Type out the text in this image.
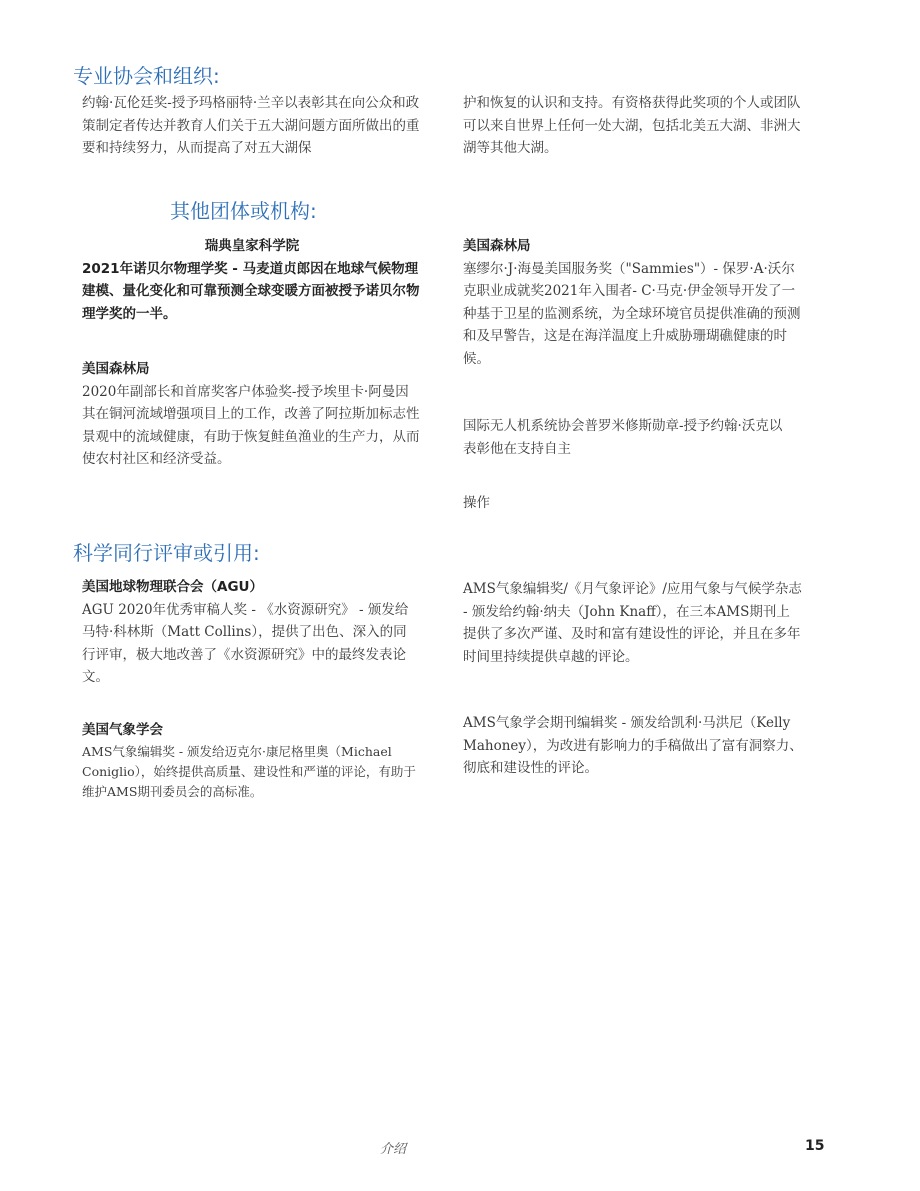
专业协会和组织:

约翰·瓦伦廷奖-授予玛格丽特·兰辛以表彰其在向公众和政策制定者传达并教育人们关于五大湖问题方面所做出的重要和持续努力，从而提高了对五大湖保

护和恢复的认识和支持。有资格获得此奖项的个人或团队可以来自世界上任何一处大湖，包括北美五大湖、非洲大湖等其他大湖。

其他团体或机构:
瑞典皇家科学院
2021年诺贝尔物理学奖 - 马麦道贞郎因在地球气候物理建模、量化变化和可靠预测全球变暖方面被授予诺贝尔物理学奖的一半。
美国森林局

2020年副部长和首席奖客户体验奖-授予埃里卡·阿曼因其在铜河流域增强项目上的工作，改善了阿拉斯加标志性景观中的流域健康，有助于恢复鲑鱼渔业的生产力，从而使农村社区和经济受益。

美国森林局

塞缪尔·J·海曼美国服务奖（"Sammies"）- 保罗·A·沃尔克职业成就奖2021年入围者- C·马克·伊金领导开发了一种基于卫星的监测系统，为全球环境官员提供准确的预测和及早警告，这是在海洋温度上升威胁珊瑚礁健康的时候。

国际无人机系统协会普罗米修斯勋章-授予约翰·沃克以表彰他在支持自主

操作

科学同行评审或引用:
美国地球物理联合会（AGU）

AGU 2020年优秀审稿人奖 - 《水资源研究》 - 颁发给马特·科林斯（Matt Collins），提供了出色、深入的同行评审，极大地改善了《水资源研究》中的最终发表论文。

AMS气象编辑奖/《月气象评论》/应用气象与气候学杂志 - 颁发给约翰·纳夫（John Knaff），在三本AMS期刊上提供了多次严谨、及时和富有建设性的评论，并且在多年时间里持续提供卓越的评论。

美国气象学会

AMS气象编辑奖 - 颁发给迈克尔·康尼格里奥（Michael Coniglio），始终提供高质量、建设性和严谨的评论，有助于维护AMS期刊委员会的高标准。

AMS气象学会期刊编辑奖 - 颁发给凯利·马洪尼（Kelly Mahoney），为改进有影响力的手稿做出了富有洞察力、彻底和建设性的评论。

介绍	15
